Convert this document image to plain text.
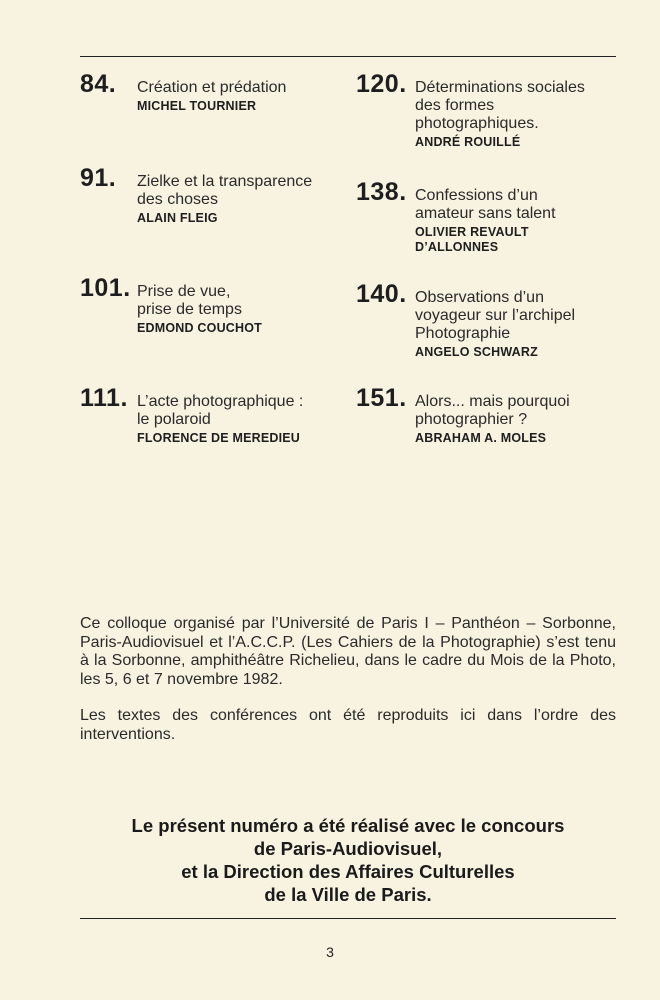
84. Création et prédation
MICHEL TOURNIER
91. Zielke et la transparence
des choses
ALAIN FLEIG
101. Prise de vue,
prise de temps
EDMOND COUCHOT
111. L’acte photographique :
le polaroid
FLORENCE DE MEREDIEU
120. Déterminations sociales
des formes
photographiques.
ANDRÉ ROUILLÉ
138. Confessions d’un
amateur sans talent
OLIVIER REVAULT
D’ALLONNES
140. Observations d’un
voyageur sur l’archipel
Photographie
ANGELO SCHWARZ
151. Alors... mais pourquoi
photographier ?
ABRAHAM A. MOLES
Ce colloque organisé par l’Université de Paris I – Panthéon – Sorbonne, Paris-Audiovisuel et l’A.C.C.P. (Les Cahiers de la Photographie) s’est tenu à la Sorbonne, amphithéâtre Richelieu, dans le cadre du Mois de la Photo, les 5, 6 et 7 novembre 1982.
Les textes des conférences ont été reproduits ici dans l’ordre des interventions.
Le présent numéro a été réalisé avec le concours
de Paris-Audiovisuel,
et la Direction des Affaires Culturelles
de la Ville de Paris.
3
